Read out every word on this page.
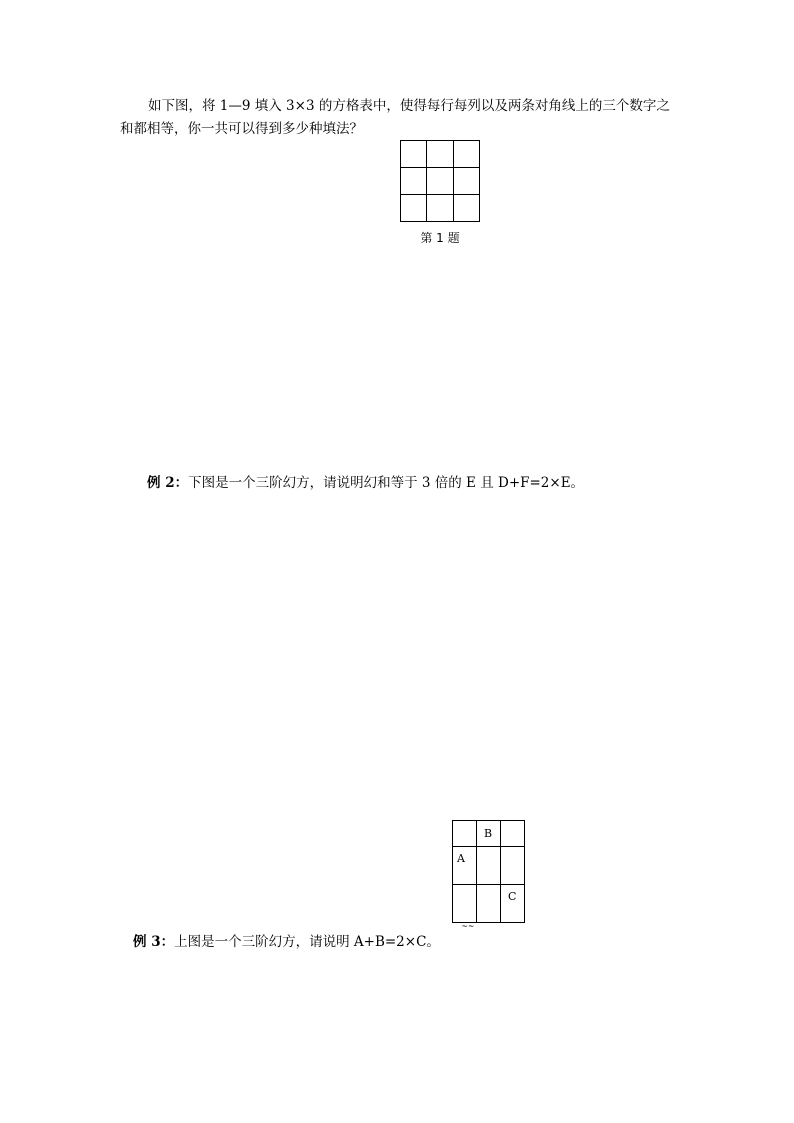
如下图，将 1—9 填入 3×3 的方格表中，使得每行每列以及两条对角线上的三个数字之和都相等，你一共可以得到多少种填法？

第 1 题

例 2：下图是一个三阶幻方，请说明幻和等于 3 倍的 E 且 D+F=2×E。

	B	
A		
		C
~~ ‾‾

例 3：上图是一个三阶幻方，请说明 A+B=2×C。
